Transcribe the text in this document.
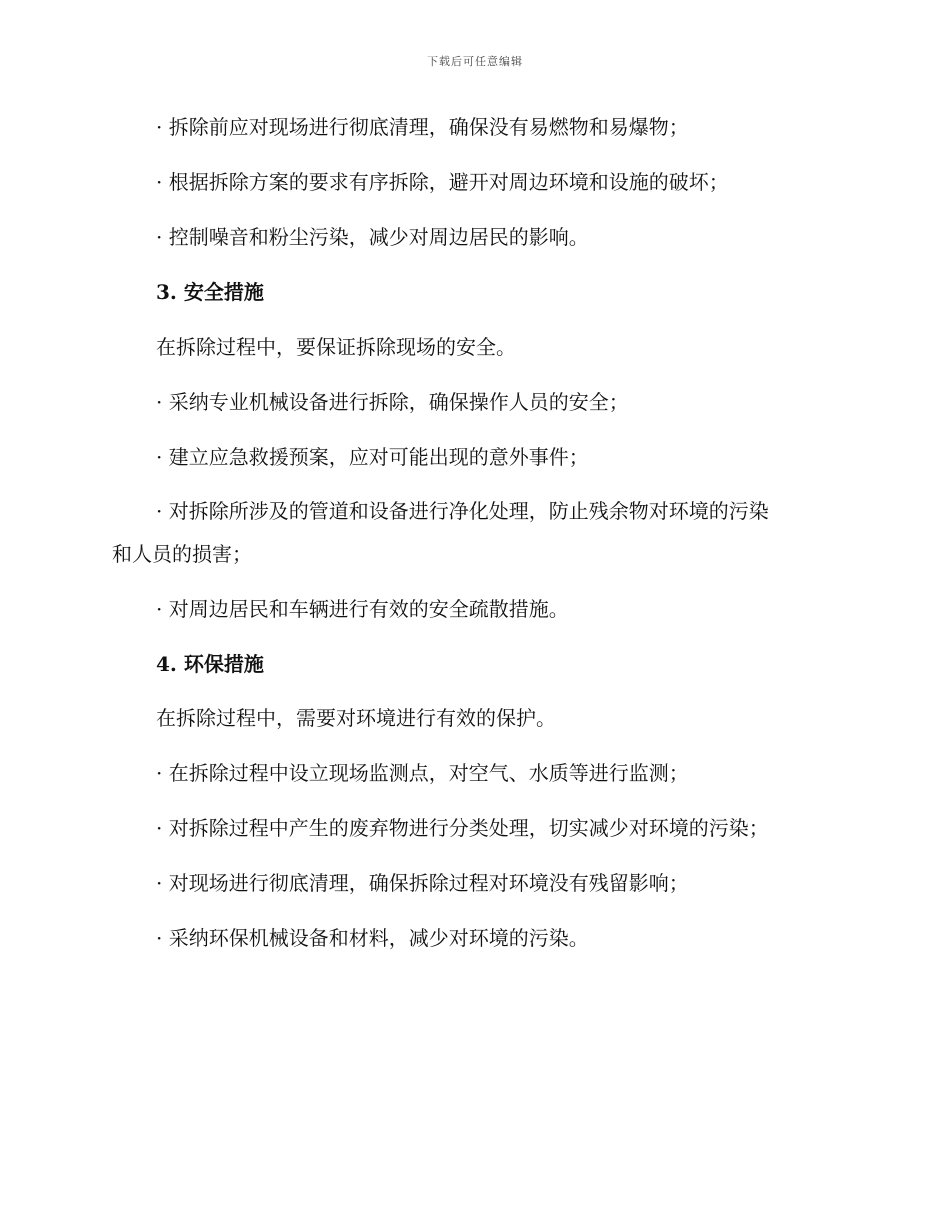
下载后可任意编辑
· 拆除前应对现场进行彻底清理，确保没有易燃物和易爆物；
· 根据拆除方案的要求有序拆除，避开对周边环境和设施的破坏；
· 控制噪音和粉尘污染，减少对周边居民的影响。
3. 安全措施
在拆除过程中，要保证拆除现场的安全。
· 采纳专业机械设备进行拆除，确保操作人员的安全；
· 建立应急救援预案，应对可能出现的意外事件；
· 对拆除所涉及的管道和设备进行净化处理，防止残余物对环境的污染
和人员的损害；
· 对周边居民和车辆进行有效的安全疏散措施。
4. 环保措施
在拆除过程中，需要对环境进行有效的保护。
· 在拆除过程中设立现场监测点，对空气、水质等进行监测；
· 对拆除过程中产生的废弃物进行分类处理，切实减少对环境的污染；
· 对现场进行彻底清理，确保拆除过程对环境没有残留影响；
· 采纳环保机械设备和材料，减少对环境的污染。
